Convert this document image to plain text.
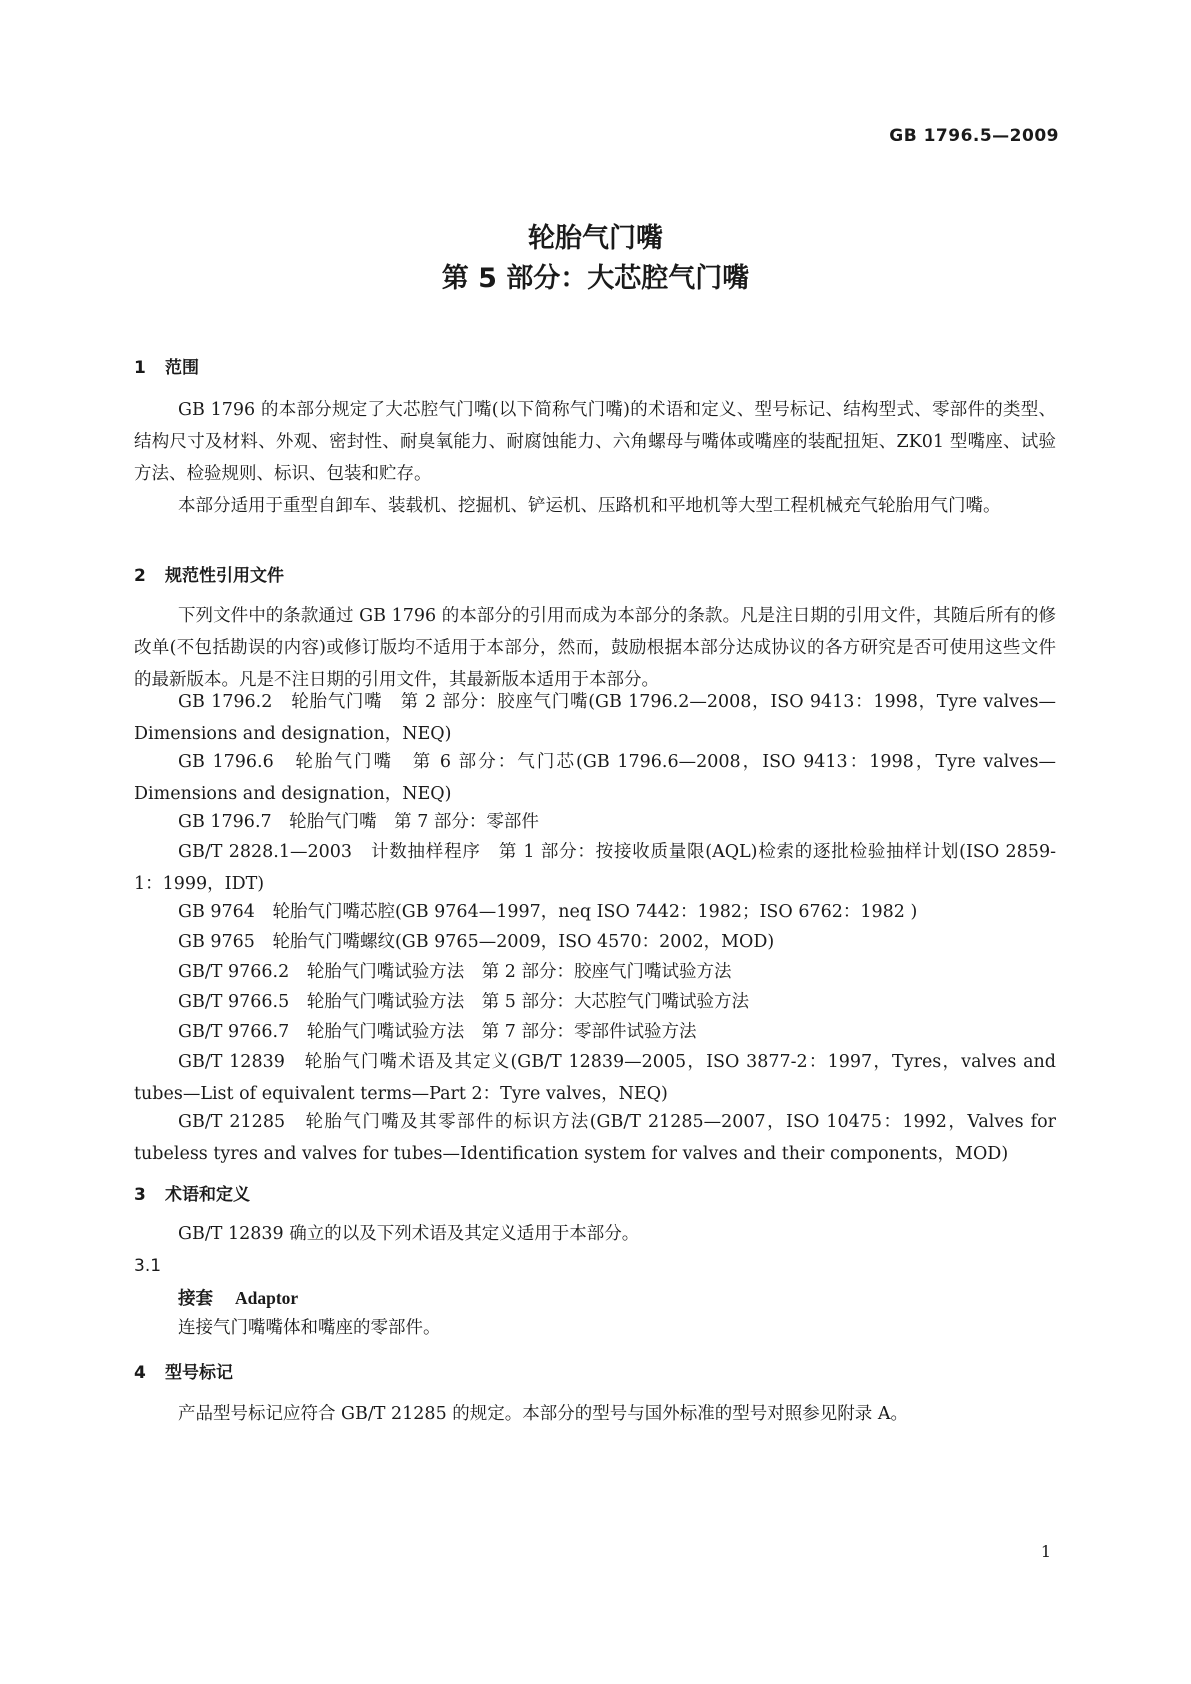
GB 1796.5—2009
轮胎气门嘴
第 5 部分：大芯腔气门嘴
1 范围
GB 1796 的本部分规定了大芯腔气门嘴(以下简称气门嘴)的术语和定义、型号标记、结构型式、零部件的类型、结构尺寸及材料、外观、密封性、耐臭氧能力、耐腐蚀能力、六角螺母与嘴体或嘴座的装配扭矩、ZK01 型嘴座、试验方法、检验规则、标识、包装和贮存。
本部分适用于重型自卸车、装载机、挖掘机、铲运机、压路机和平地机等大型工程机械充气轮胎用气门嘴。
2 规范性引用文件
下列文件中的条款通过 GB 1796 的本部分的引用而成为本部分的条款。凡是注日期的引用文件，其随后所有的修改单(不包括勘误的内容)或修订版均不适用于本部分，然而，鼓励根据本部分达成协议的各方研究是否可使用这些文件的最新版本。凡是不注日期的引用文件，其最新版本适用于本部分。
GB 1796.2　轮胎气门嘴　第 2 部分：胶座气门嘴(GB 1796.2—2008，ISO 9413：1998，Tyre valves—Dimensions and designation，NEQ)
GB 1796.6　轮胎气门嘴　第 6 部分：气门芯(GB 1796.6—2008，ISO 9413：1998，Tyre valves—Dimensions and designation，NEQ)
GB 1796.7　轮胎气门嘴　第 7 部分：零部件
GB/T 2828.1—2003　计数抽样程序　第 1 部分：按接收质量限(AQL)检索的逐批检验抽样计划(ISO 2859-1：1999，IDT)
GB 9764　轮胎气门嘴芯腔(GB 9764—1997，neq ISO 7442：1982；ISO 6762：1982 )
GB 9765　轮胎气门嘴螺纹(GB 9765—2009，ISO 4570：2002，MOD)
GB/T 9766.2　轮胎气门嘴试验方法　第 2 部分：胶座气门嘴试验方法
GB/T 9766.5　轮胎气门嘴试验方法　第 5 部分：大芯腔气门嘴试验方法
GB/T 9766.7　轮胎气门嘴试验方法　第 7 部分：零部件试验方法
GB/T 12839　轮胎气门嘴术语及其定义(GB/T 12839—2005，ISO 3877-2：1997，Tyres，valves and tubes—List of equivalent terms—Part 2：Tyre valves，NEQ)
GB/T 21285　轮胎气门嘴及其零部件的标识方法(GB/T 21285—2007，ISO 10475：1992，Valves for tubeless tyres and valves for tubes—Identification system for valves and their components，MOD)
3 术语和定义
GB/T 12839 确立的以及下列术语及其定义适用于本部分。
3.1
接套 Adaptor
连接气门嘴嘴体和嘴座的零部件。
4 型号标记
产品型号标记应符合 GB/T 21285 的规定。本部分的型号与国外标准的型号对照参见附录 A。
1
